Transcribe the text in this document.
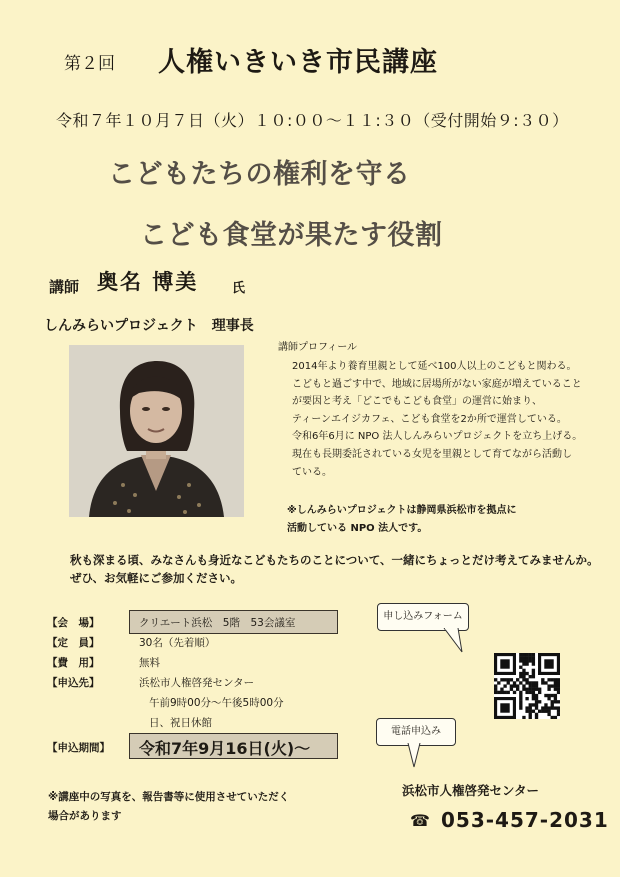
第２回 人権いきいき市民講座
令和７年１０月７日（火）１０:００～１１:３０（受付開始９:３０）
こどもたちの権利を守る
こども食堂が果たす役割
講師 奥名 博美	氏
しんみらいプロジェクト　理事長
講師プロフィール
2014年より養育里親として延べ100人以上のこどもと関わる。
こどもと過ごす中で、地域に居場所がない家庭が増えていること
が要因と考え「どこでもこども食堂」の運営に始まり、
ティーンエイジカフェ、こども食堂を2か所で運営している。
令和6年6月に NPO 法人しんみらいプロジェクトを立ち上げる。
現在も長期委託されている女児を里親として育てながら活動し
ている。
※しんみらいプロジェクトは静岡県浜松市を拠点に
活動している NPO 法人です。
秋も深まる頃、みなさんも身近なこどもたちのことについて、一緒にちょっとだけ考えてみませんか。
ぜひ、お気軽にご参加ください。
【会　場】	クリエート浜松　5階　53会議室
【定　員】	30名（先着順）
【費　用】	無料
【申込先】	浜松市人権啓発センター
午前9時00分～午後5時00分
日、祝日休館
【申込期間】 令和7年9月16日(火)～
申し込みフォーム
電話申込み
※講座中の写真を、報告書等に使用させていただく
場合があります
浜松市人権啓発センター
☎ 053-457-2031
